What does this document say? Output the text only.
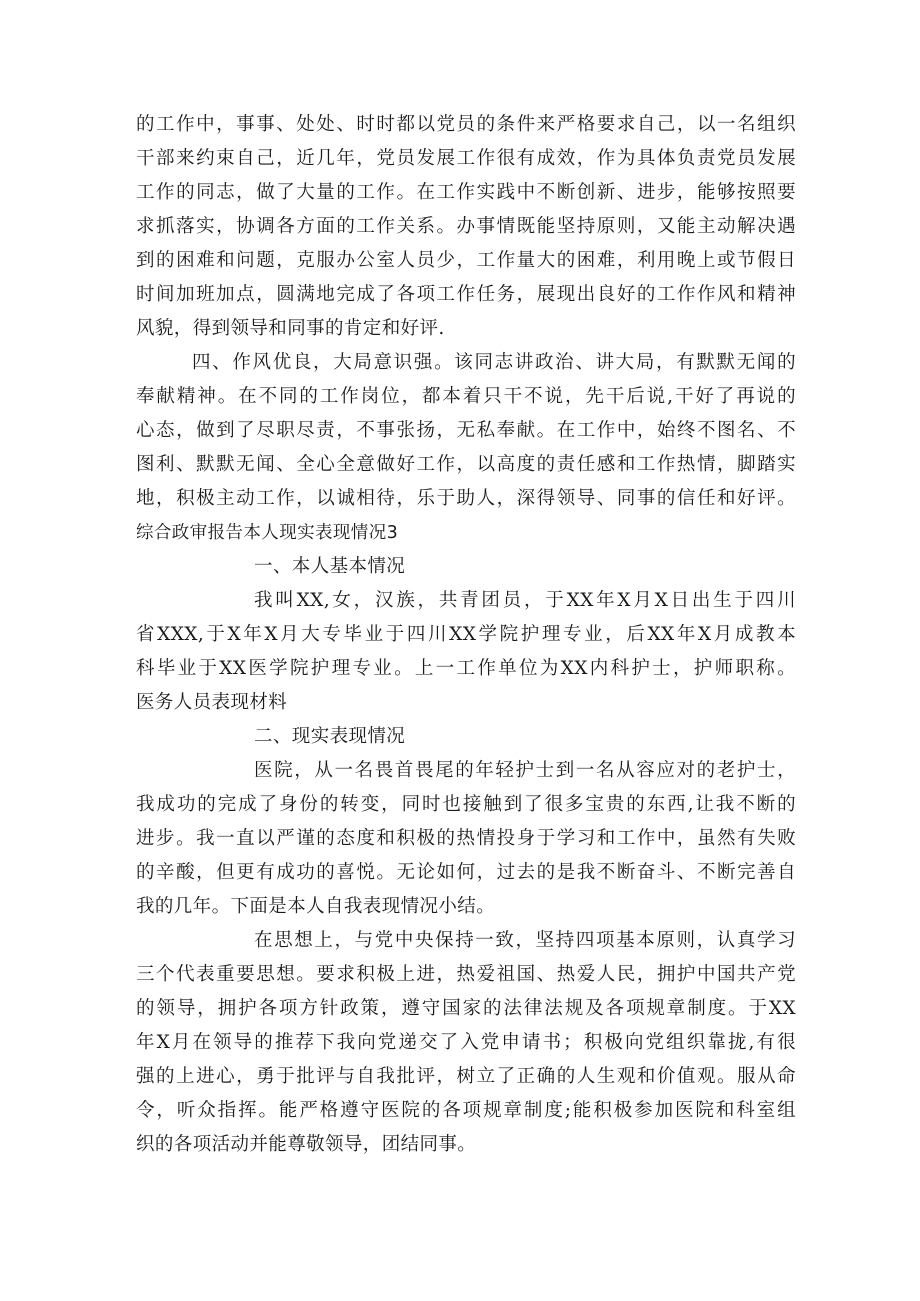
的工作中，事事、处处、时时都以党员的条件来严格要求自己，以一名组织
干部来约束自己，近几年，党员发展工作很有成效，作为具体负责党员发展
工作的同志，做了大量的工作。在工作实践中不断创新、进步，能够按照要
求抓落实，协调各方面的工作关系。办事情既能坚持原则，又能主动解决遇
到的困难和问题，克服办公室人员少，工作量大的困难，利用晚上或节假日
时间加班加点，圆满地完成了各项工作任务，展现出良好的工作作风和精神
风貌，得到领导和同事的肯定和好评.
四、作风优良，大局意识强。该同志讲政治、讲大局，有默默无闻的
奉献精神。在不同的工作岗位，都本着只干不说，先干后说,干好了再说的
心态，做到了尽职尽责，不事张扬，无私奉献。在工作中，始终不图名、不
图利、默默无闻、全心全意做好工作，以高度的责任感和工作热情，脚踏实
地，积极主动工作，以诚相待，乐于助人，深得领导、同事的信任和好评。
综合政审报告本人现实表现情况3
一、本人基本情况
我叫XX,女，汉族，共青团员，于XX年X月X日出生于四川
省XXX,于X年X月大专毕业于四川XX学院护理专业，后XX年X月成教本
科毕业于XX医学院护理专业。上一工作单位为XX内科护士，护师职称。
医务人员表现材料
二、现实表现情况
医院，从一名畏首畏尾的年轻护士到一名从容应对的老护士，
我成功的完成了身份的转变，同时也接触到了很多宝贵的东西,让我不断的
进步。我一直以严谨的态度和积极的热情投身于学习和工作中，虽然有失败
的辛酸，但更有成功的喜悦。无论如何，过去的是我不断奋斗、不断完善自
我的几年。下面是本人自我表现情况小结。
在思想上，与党中央保持一致，坚持四项基本原则，认真学习
三个代表重要思想。要求积极上进，热爱祖国、热爱人民，拥护中国共产党
的领导，拥护各项方针政策，遵守国家的法律法规及各项规章制度。于XX
年X月在领导的推荐下我向党递交了入党申请书；积极向党组织靠拢,有很
强的上进心，勇于批评与自我批评，树立了正确的人生观和价值观。服从命
令，听众指挥。能严格遵守医院的各项规章制度;能积极参加医院和科室组
织的各项活动并能尊敬领导，团结同事。
